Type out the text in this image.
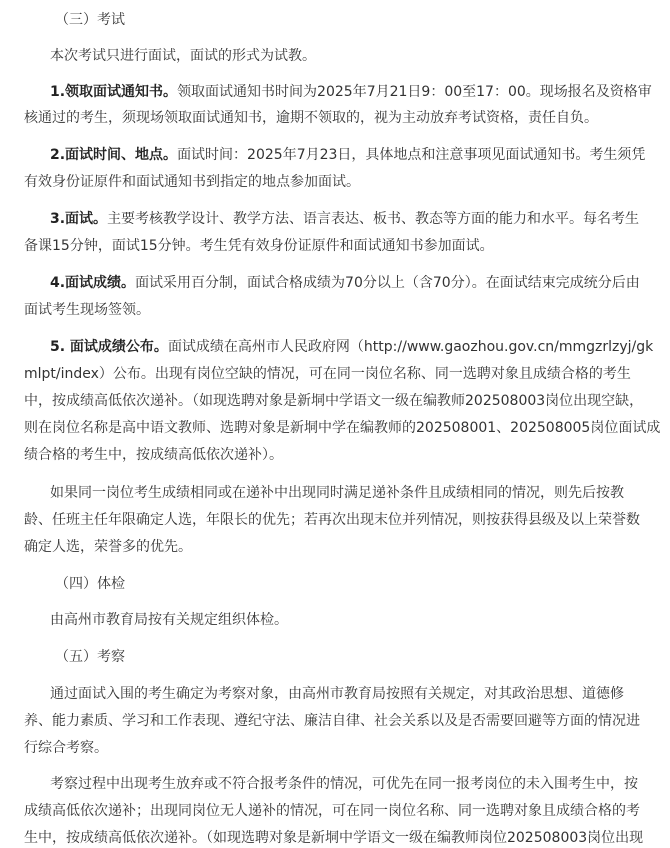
（三）考试
本次考试只进行面试，面试的形式为试教。
1.领取面试通知书。领取面试通知书时间为2025年7月21日9：00至17：00。现场报名及资格审
核通过的考生，须现场领取面试通知书，逾期不领取的，视为主动放弃考试资格，责任自负。
2.面试时间、地点。面试时间：2025年7月23日，具体地点和注意事项见面试通知书。考生须凭
有效身份证原件和面试通知书到指定的地点参加面试。
3.面试。主要考核教学设计、教学方法、语言表达、板书、教态等方面的能力和水平。每名考生
备课15分钟，面试15分钟。考生凭有效身份证原件和面试通知书参加面试。
4.面试成绩。面试采用百分制，面试合格成绩为70分以上（含70分）。在面试结束完成统分后由
面试考生现场签领。
5. 面试成绩公布。面试成绩在高州市人民政府网（http://www.gaozhou.gov.cn/mmgzrlzyj/gk
mlpt/index）公布。出现有岗位空缺的情况，可在同一岗位名称、同一选聘对象且成绩合格的考生
中，按成绩高低依次递补。（如现选聘对象是新垌中学语文一级在编教师202508003岗位出现空缺，
则在岗位名称是高中语文教师、选聘对象是新垌中学在编教师的202508001、202508005岗位面试成
绩合格的考生中，按成绩高低依次递补）。
如果同一岗位考生成绩相同或在递补中出现同时满足递补条件且成绩相同的情况，则先后按教
龄、任班主任年限确定人选，年限长的优先；若再次出现末位并列情况，则按获得县级及以上荣誉数
确定人选，荣誉多的优先。
（四）体检
由高州市教育局按有关规定组织体检。
（五）考察
通过面试入围的考生确定为考察对象，由高州市教育局按照有关规定，对其政治思想、道德修
养、能力素质、学习和工作表现、遵纪守法、廉洁自律、社会关系以及是否需要回避等方面的情况进
行综合考察。
考察过程中出现考生放弃或不符合报考条件的情况，可优先在同一报考岗位的未入围考生中，按
成绩高低依次递补；出现同岗位无人递补的情况，可在同一岗位名称、同一选聘对象且成绩合格的考
生中，按成绩高低依次递补。（如现选聘对象是新垌中学语文一级在编教师岗位202508003岗位出现
